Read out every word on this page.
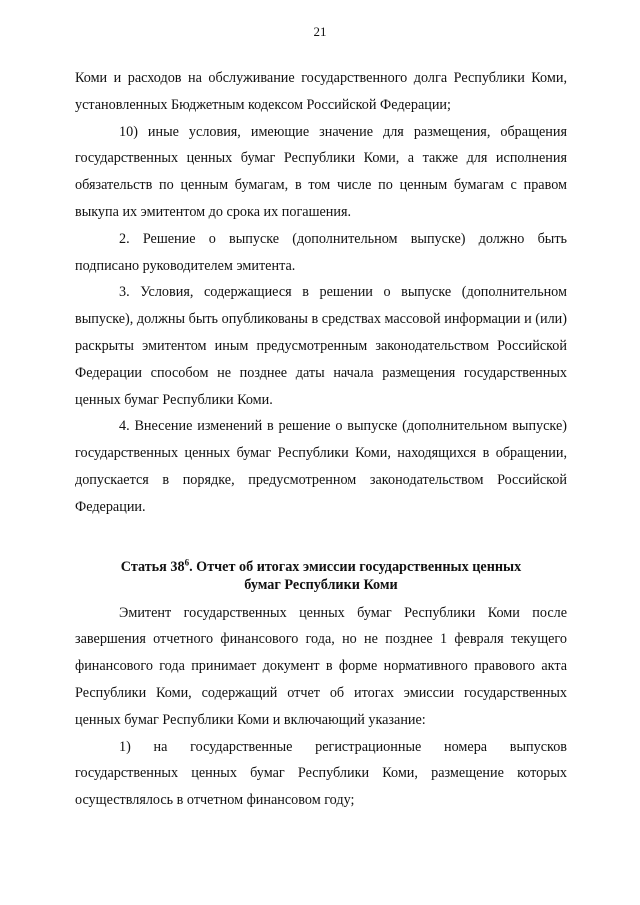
21

Коми и расходов на обслуживание государственного долга Республики Коми, установленных Бюджетным кодексом Российской Федерации;

10) иные условия, имеющие значение для размещения, обращения государственных ценных бумаг Республики Коми, а также для исполнения обязательств по ценным бумагам, в том числе по ценным бумагам с правом выкупа их эмитентом до срока их погашения.

2. Решение о выпуске (дополнительном выпуске) должно быть подписано руководителем эмитента.

3. Условия, содержащиеся в решении о выпуске (дополнительном выпуске), должны быть опубликованы в средствах массовой информации и (или) раскрыты эмитентом иным предусмотренным законодательством Российской Федерации способом не позднее даты начала размещения государственных ценных бумаг Республики Коми.

4. Внесение изменений в решение о выпуске (дополнительном выпуске) государственных ценных бумаг Республики Коми, находящихся в обращении, допускается в порядке, предусмотренном законодательством Российской Федерации.

Статья $38^6$. Отчет об итогах эмиссии государственных ценных
бумаг Республики Коми

Эмитент государственных ценных бумаг Республики Коми после завершения отчетного финансового года, но не позднее 1 февраля текущего финансового года принимает документ в форме нормативного правового акта Республики Коми, содержащий отчет об итогах эмиссии государственных ценных бумаг Республики Коми и включающий указание:

1) на государственные регистрационные номера выпусков государственных ценных бумаг Республики Коми, размещение которых осуществлялось в отчетном финансовом году;
